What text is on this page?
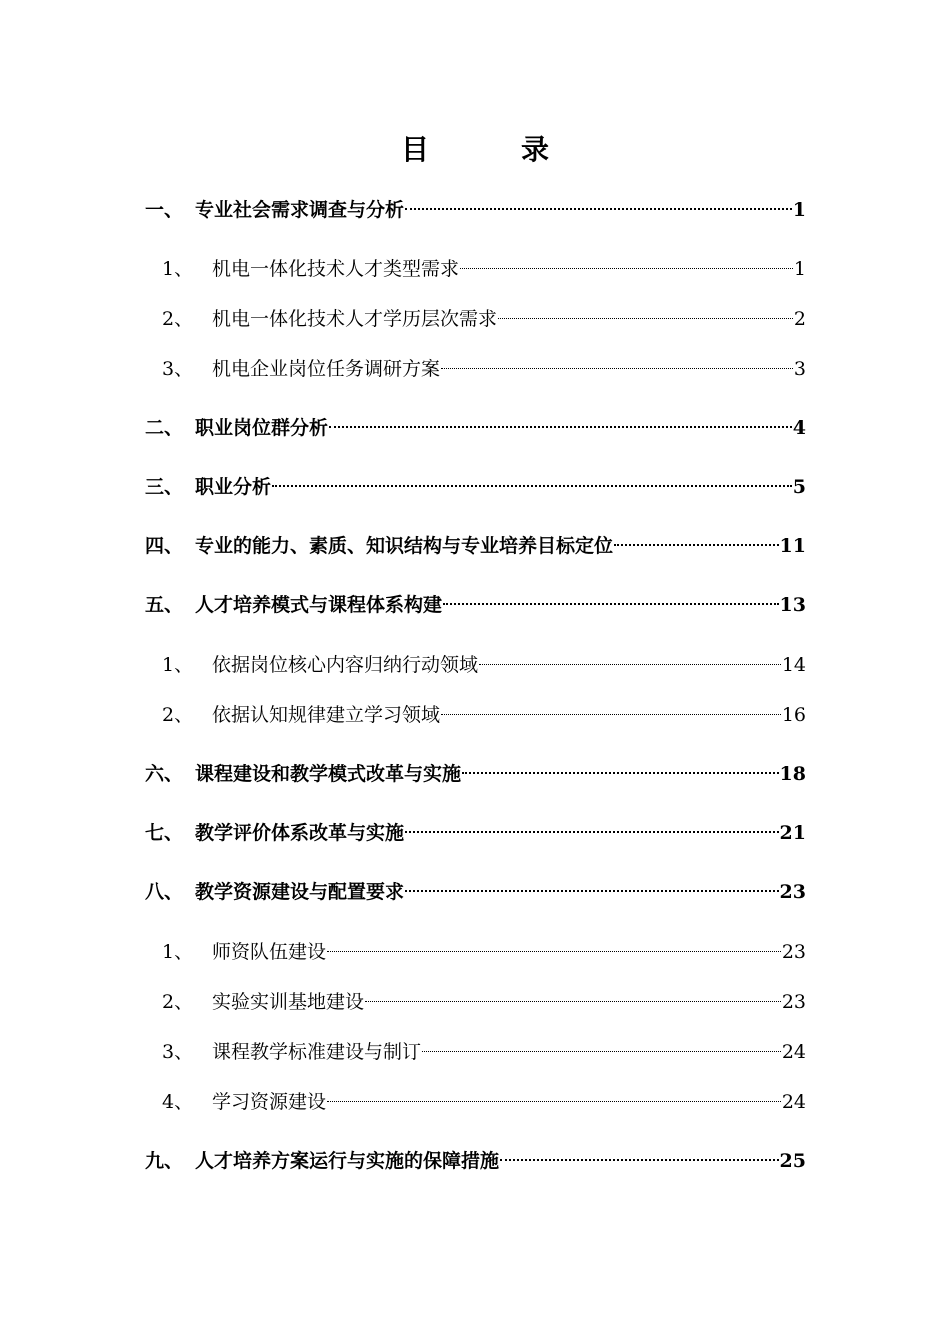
目　录
一、 专业社会需求调查与分析	1
1、 机电一体化技术人才类型需求	1
2、 机电一体化技术人才学历层次需求	2
3、 机电企业岗位任务调研方案	3
二、 职业岗位群分析	4
三、 职业分析	5
四、 专业的能力、素质、知识结构与专业培养目标定位	11
五、 人才培养模式与课程体系构建	13
1、 依据岗位核心内容归纳行动领域	14
2、 依据认知规律建立学习领域	16
六、 课程建设和教学模式改革与实施	18
七、 教学评价体系改革与实施	21
八、 教学资源建设与配置要求	23
1、 师资队伍建设	23
2、 实验实训基地建设	23
3、 课程教学标准建设与制订	24
4、 学习资源建设	24
九、 人才培养方案运行与实施的保障措施	25
